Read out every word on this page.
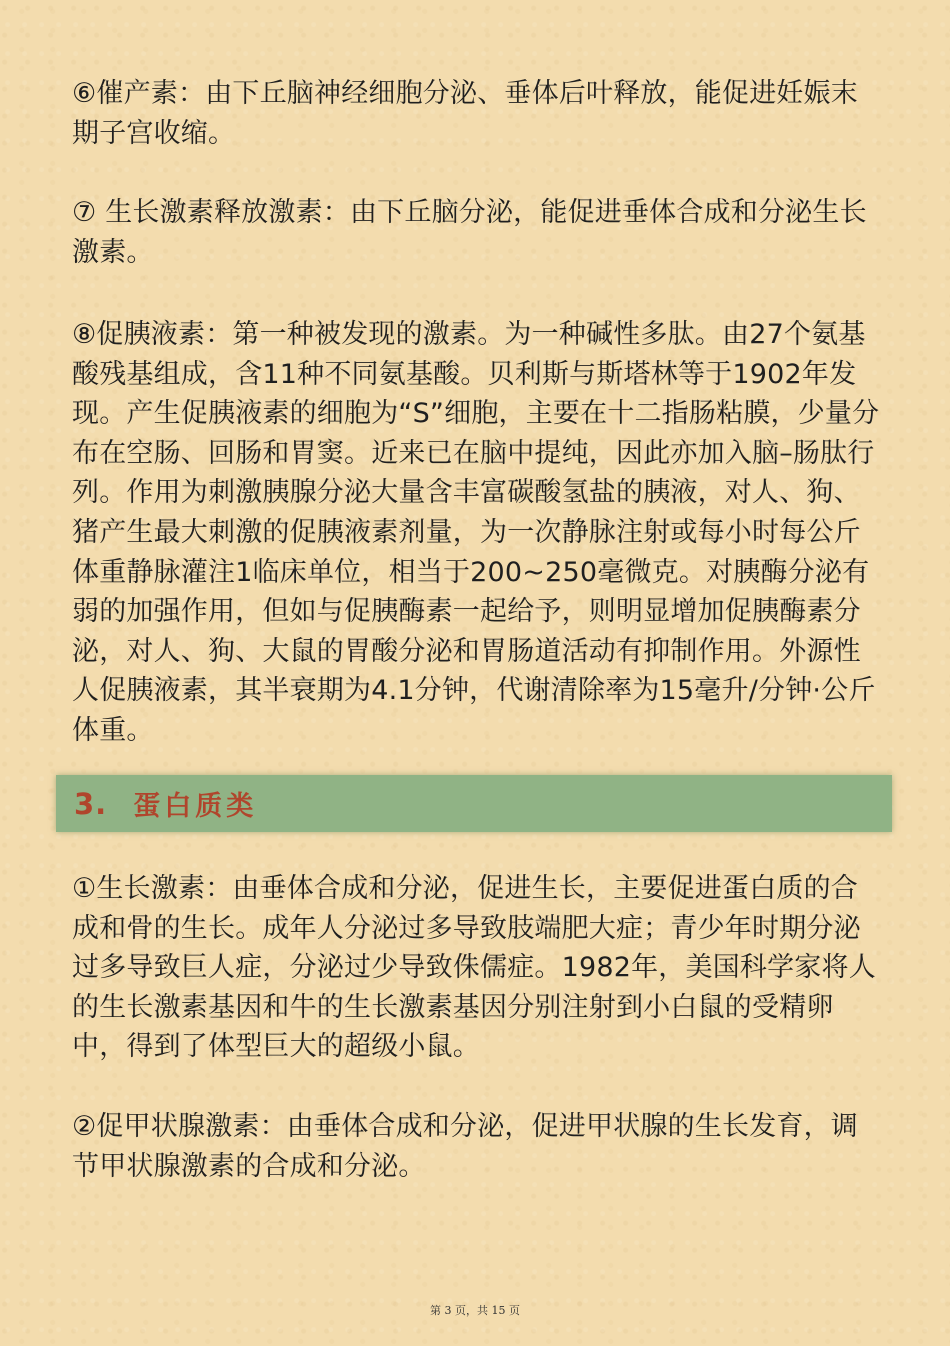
⑥催产素：由下丘脑神经细胞分泌、垂体后叶释放，能促进妊娠末期子宫收缩。

⑦ 生长激素释放激素：由下丘脑分泌，能促进垂体合成和分泌生长激素。

⑧促胰液素：第一种被发现的激素。为一种碱性多肽。由27个氨基酸残基组成，含11种不同氨基酸。贝利斯与斯塔林等于1902年发现。产生促胰液素的细胞为“S”细胞，主要在十二指肠粘膜，少量分布在空肠、回肠和胃窦。近来已在脑中提纯，因此亦加入脑–肠肽行列。作用为刺激胰腺分泌大量含丰富碳酸氢盐的胰液，对人、狗、猪产生最大刺激的促胰液素剂量，为一次静脉注射或每小时每公斤体重静脉灌注1临床单位，相当于200~250毫微克。对胰酶分泌有弱的加强作用，但如与促胰酶素一起给予，则明显增加促胰酶素分泌，对人、狗、大鼠的胃酸分泌和胃肠道活动有抑制作用。外源性人促胰液素，其半衰期为4.1分钟，代谢清除率为15毫升/分钟·公斤体重。

3. 蛋白质类

①生长激素：由垂体合成和分泌，促进生长，主要促进蛋白质的合成和骨的生长。成年人分泌过多导致肢端肥大症；青少年时期分泌过多导致巨人症，分泌过少导致侏儒症。1982年，美国科学家将人的生长激素基因和牛的生长激素基因分别注射到小白鼠的受精卵中，得到了体型巨大的超级小鼠。

②促甲状腺激素：由垂体合成和分泌，促进甲状腺的生长发育，调节甲状腺激素的合成和分泌。

第 3 页，共 15 页
